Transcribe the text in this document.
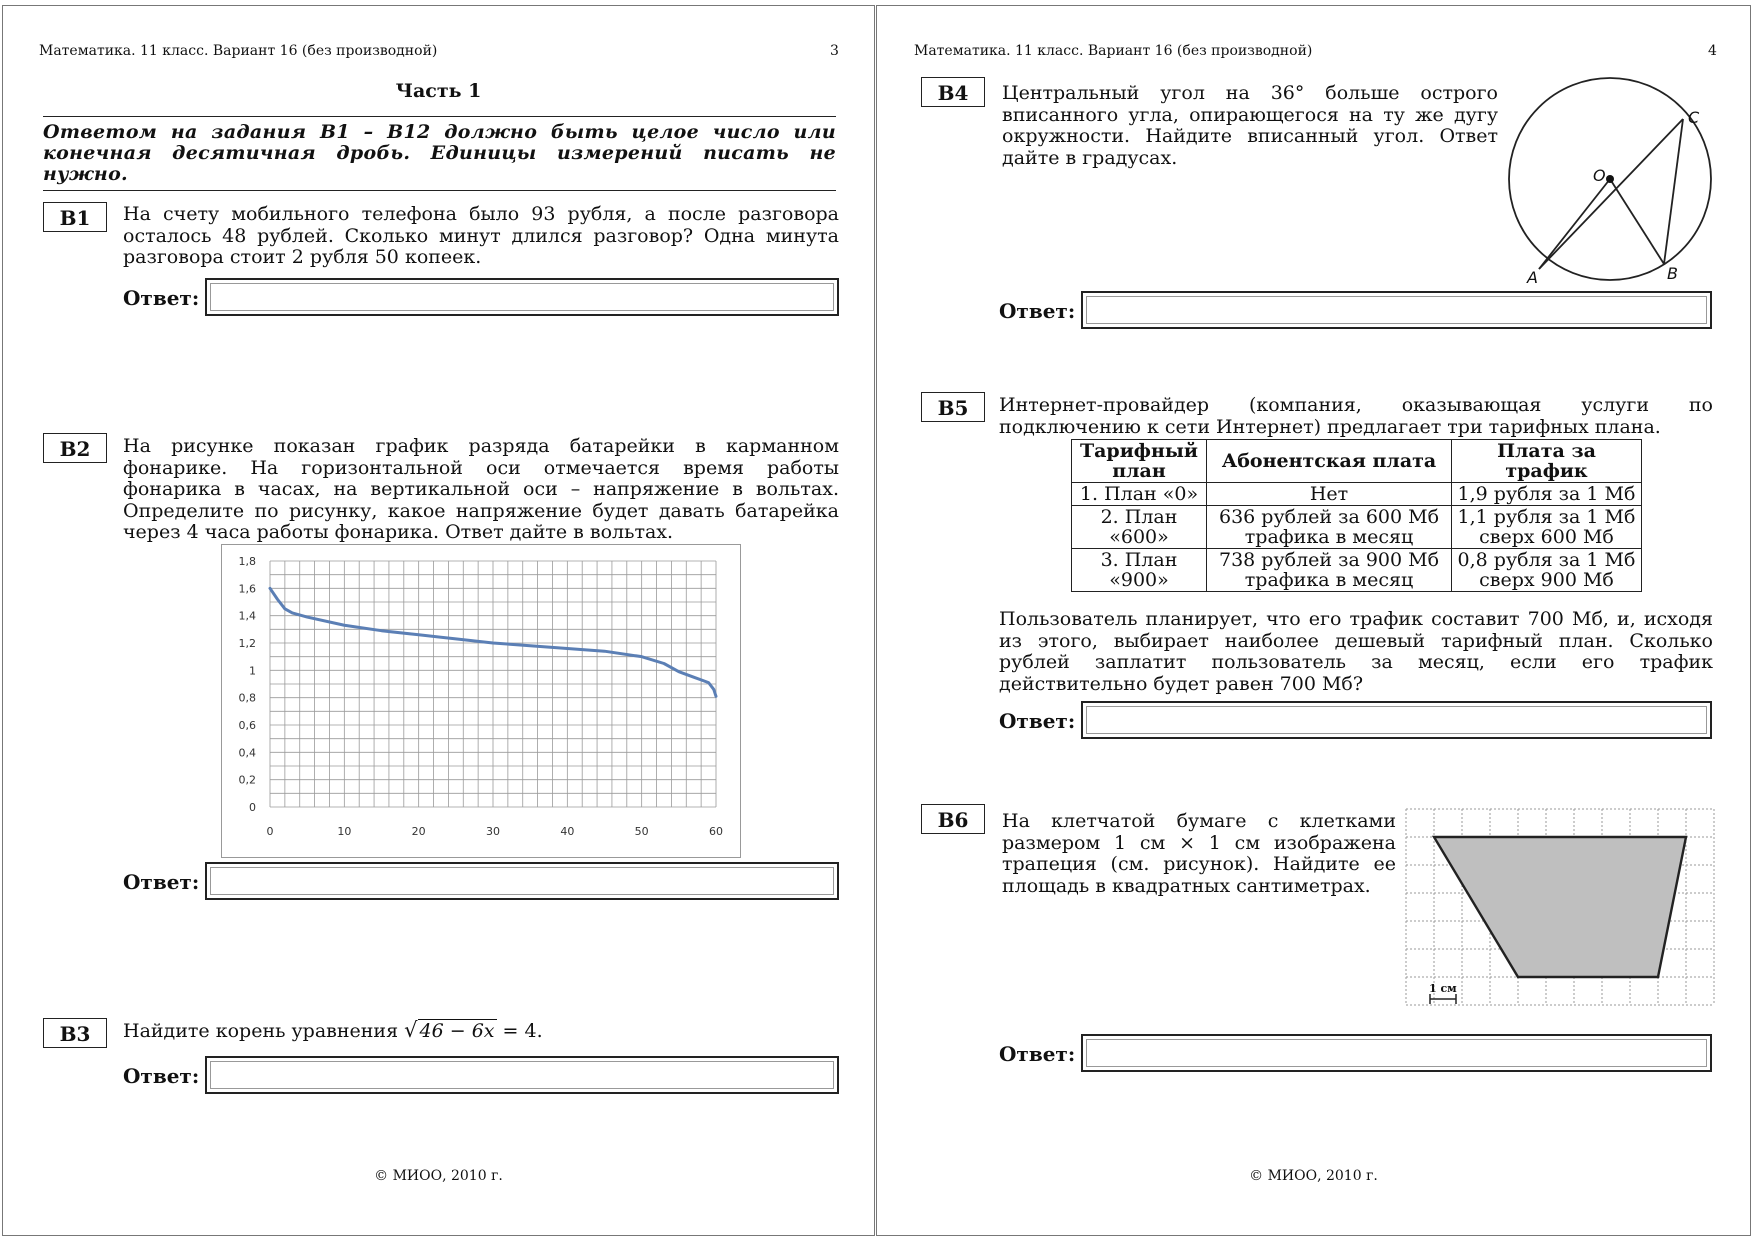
Математика. 11 класс. Вариант 16 (без производной)	3
Часть 1
Ответом на задания В1 – В12 должно быть целое число или конечная десятичная дробь. Единицы измерений писать не нужно.
B1	На счету мобильного телефона было 93 рубля, а после разговора осталось 48 рублей. Сколько минут длился разговор? Одна минута разговора стоит 2 рубля 50 копеек.
Ответ:
B2	На рисунке показан график разряда батарейки в карманном фонарике. На горизонтальной оси отмечается время работы фонарика в часах, на вертикальной оси – напряжение в вольтах. Определите по рисунку, какое напряжение будет давать батарейка через 4 часа работы фонарика. Ответ дайте в вольтах.
0
0,2
0,4
0,6
0,8
1
1,2
1,4
1,6
1,8
0	10	20	30	40	50	60
Ответ:
B3	Найдите корень уравнения √ 46 − 6x = 4.
Ответ:
© МИОО, 2010 г.
Математика. 11 класс. Вариант 16 (без производной)	4
B4	Центральный угол на 36° больше острого вписанного угла, опирающегося на ту же дугу окружности. Найдите вписанный угол. Ответ дайте в градусах.
O
A	B
C
Ответ:
B5	Интернет-провайдер (компания, оказывающая услуги по подключению к сети Интернет) предлагает три тарифных плана.
Тарифный план	Абонентская плата	Плата за трафик
1. План «0»	Нет	1,9 рубля за 1 Мб
2. План «600»	636 рублей за 600 Мб трафика в месяц	1,1 рубля за 1 Мб сверх 600 Мб
3. План «900»	738 рублей за 900 Мб трафика в месяц	0,8 рубля за 1 Мб сверх 900 Мб
Пользователь планирует, что его трафик составит 700 Мб, и, исходя из этого, выбирает наиболее дешевый тарифный план. Сколько рублей заплатит пользователь за месяц, если его трафик действительно будет равен 700 Мб?
Ответ:
B6	На клетчатой бумаге с клетками размером 1 см × 1 см изображена трапеция (см. рисунок). Найдите ее площадь в квадратных сантиметрах.
1 см
Ответ:
© МИОО, 2010 г.
